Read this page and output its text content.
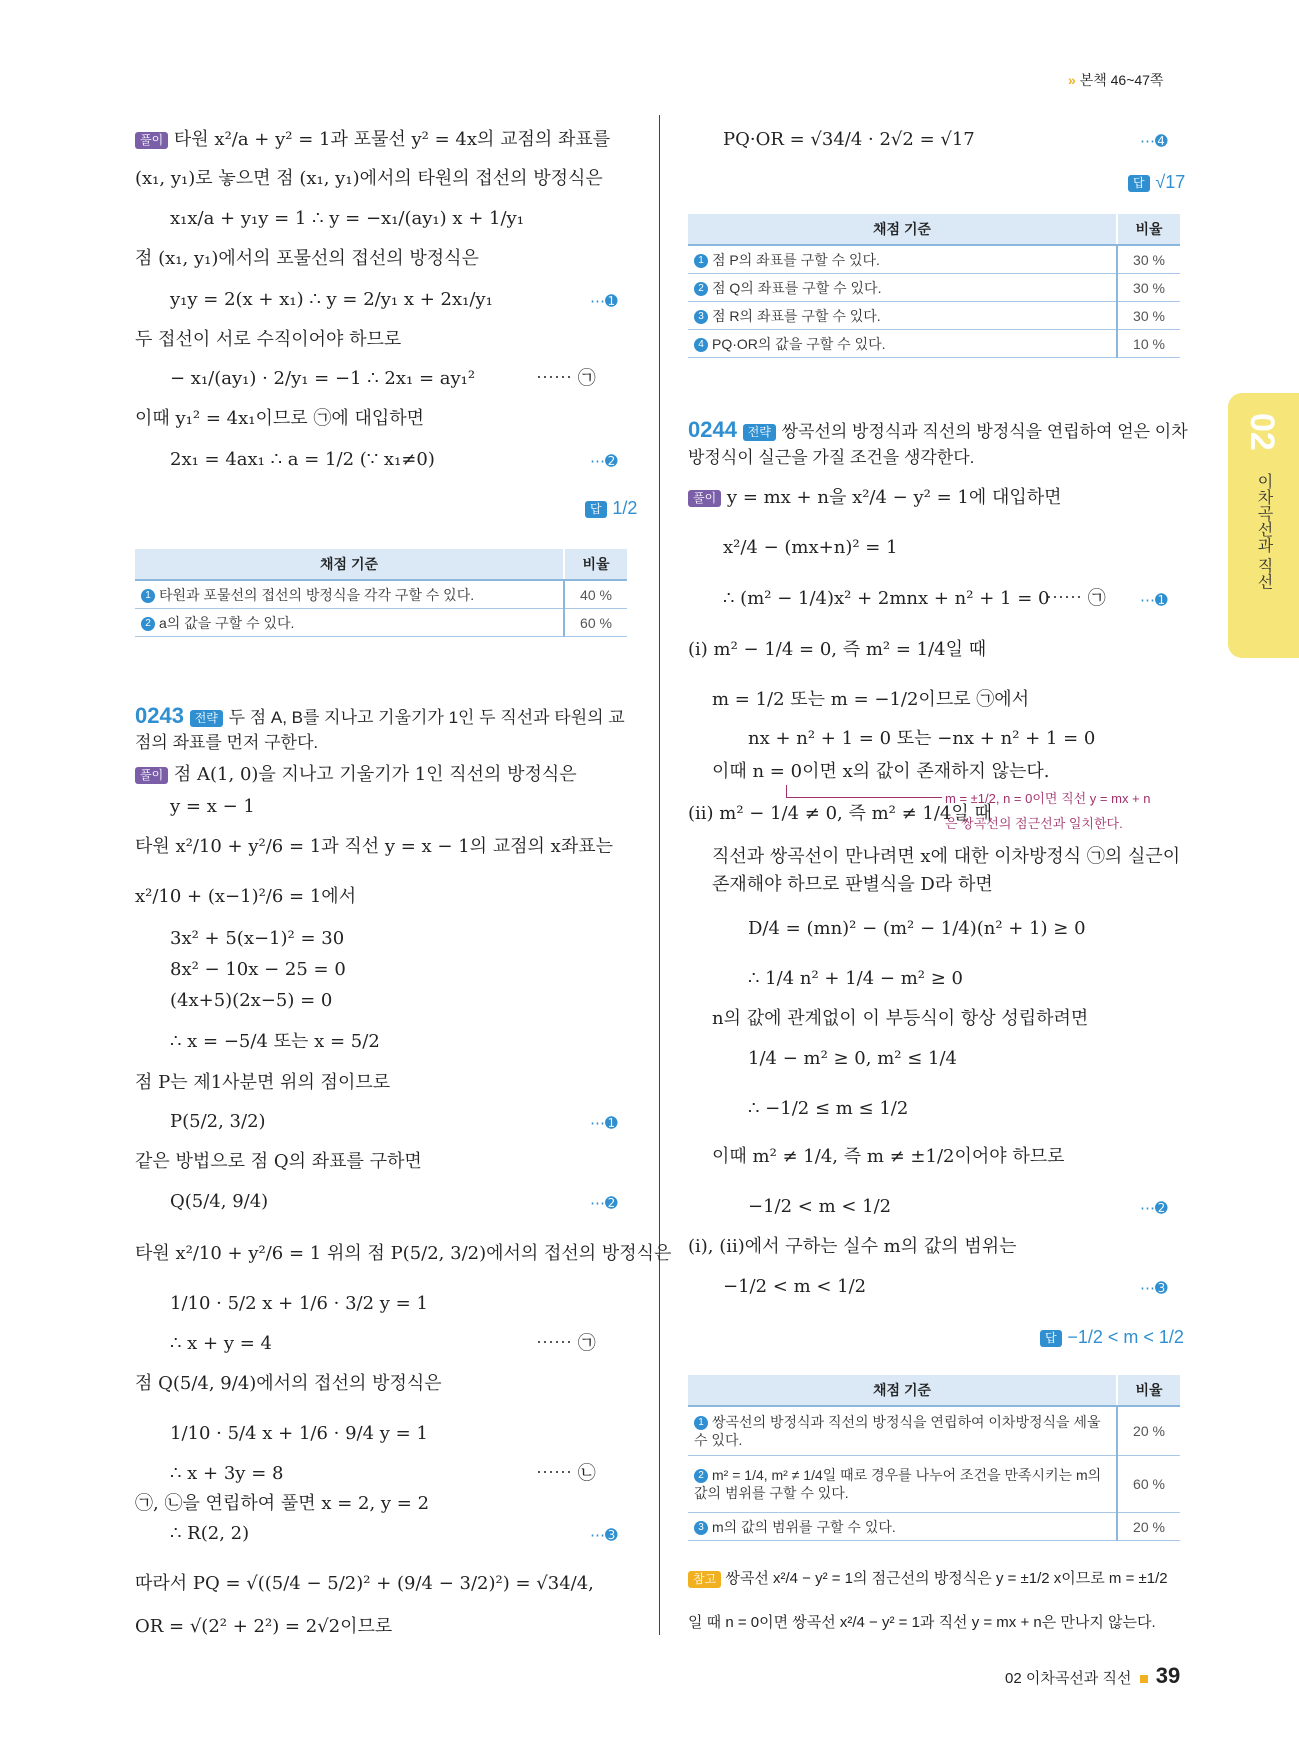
» 본책 46~47쪽
02
이차곡선과 직선
풀이 타원 x²/a + y² = 1과 포물선 y² = 4x의 교점의 좌표를
(x₁, y₁)로 놓으면 점 (x₁, y₁)에서의 타원의 접선의 방정식은
x₁x/a + y₁y = 1 ∴ y = −x₁/(ay₁) x + 1/y₁
점 (x₁, y₁)에서의 포물선의 접선의 방정식은
y₁y = 2(x + x₁) ∴ y = 2/y₁ x + 2x₁/y₁	⋯➊
두 접선이 서로 수직이어야 하므로
− x₁/(ay₁) · 2/y₁ = −1 ∴ 2x₁ = ay₁²	⋯⋯ ㉠
이때 y₁² = 4x₁이므로 ㉠에 대입하면
2x₁ = 4ax₁ ∴ a = 1/2 (∵ x₁≠0)	⋯➋
답 1/2
채점 기준	비율
1 타원과 포물선의 접선의 방정식을 각각 구할 수 있다.	40 %
2 a의 값을 구할 수 있다.	60 %
0243 전략 두 점 A, B를 지나고 기울기가 1인 두 직선과 타원의 교
점의 좌표를 먼저 구한다.
풀이 점 A(1, 0)을 지나고 기울기가 1인 직선의 방정식은
y = x − 1
타원 x²/10 + y²/6 = 1과 직선 y = x − 1의 교점의 x좌표는
x²/10 + (x−1)²/6 = 1에서
3x² + 5(x−1)² = 30
8x² − 10x − 25 = 0
(4x+5)(2x−5) = 0
∴ x = −5/4 또는 x = 5/2
점 P는 제1사분면 위의 점이므로
P(5/2, 3/2)	⋯➊
같은 방법으로 점 Q의 좌표를 구하면
Q(5/4, 9/4)	⋯➋
타원 x²/10 + y²/6 = 1 위의 점 P(5/2, 3/2)에서의 접선의 방정식은
1/10 · 5/2 x + 1/6 · 3/2 y = 1
∴ x + y = 4	⋯⋯ ㉠
점 Q(5/4, 9/4)에서의 접선의 방정식은
1/10 · 5/4 x + 1/6 · 9/4 y = 1
∴ x + 3y = 8	⋯⋯ ㉡
㉠, ㉡을 연립하여 풀면 x = 2, y = 2
∴ R(2, 2)	⋯➌
따라서 PQ = √((5/4 − 5/2)² + (9/4 − 3/2)²) = √34/4,
OR = √(2² + 2²) = 2√2이므로
PQ·OR = √34/4 · 2√2 = √17	⋯➍
답 √17
채점 기준	비율
1 점 P의 좌표를 구할 수 있다.	30 %
2 점 Q의 좌표를 구할 수 있다.	30 %
3 점 R의 좌표를 구할 수 있다.	30 %
4 PQ·OR의 값을 구할 수 있다.	10 %
0244 전략 쌍곡선의 방정식과 직선의 방정식을 연립하여 얻은 이차
방정식이 실근을 가질 조건을 생각한다.
풀이 y = mx + n을 x²/4 − y² = 1에 대입하면
x²/4 − (mx+n)² = 1
∴ (m² − 1/4)x² + 2mnx + n² + 1 = 0
⋯⋯ ㉠ ⋯➊
(i) m² − 1/4 = 0, 즉 m² = 1/4일 때
m = 1/2 또는 m = −1/2이므로 ㉠에서
nx + n² + 1 = 0 또는 −nx + n² + 1 = 0
이때 n = 0이면 x의 값이 존재하지 않는다.
m = ±1/2, n = 0이면 직선 y = mx + n
은 쌍곡선의 점근선과 일치한다.
(ii) m² − 1/4 ≠ 0, 즉 m² ≠ 1/4일 때
직선과 쌍곡선이 만나려면 x에 대한 이차방정식 ㉠의 실근이
존재해야 하므로 판별식을 D라 하면
D/4 = (mn)² − (m² − 1/4)(n² + 1) ≥ 0
∴ 1/4 n² + 1/4 − m² ≥ 0
n의 값에 관계없이 이 부등식이 항상 성립하려면
1/4 − m² ≥ 0, m² ≤ 1/4
∴ −1/2 ≤ m ≤ 1/2
이때 m² ≠ 1/4, 즉 m ≠ ±1/2이어야 하므로
−1/2 < m < 1/2	⋯➋
(i), (ii)에서 구하는 실수 m의 값의 범위는
−1/2 < m < 1/2	⋯➌
답 −1/2 < m < 1/2
채점 기준	비율
1 쌍곡선의 방정식과 직선의 방정식을 연립하여 이차방정식을 세울 수 있다.	20 %
2 m² = 1/4, m² ≠ 1/4일 때로 경우를 나누어 조건을 만족시키는 m의 값의 범위를 구할 수 있다.	60 %
3 m의 값의 범위를 구할 수 있다.	20 %
참고 쌍곡선 x²/4 − y² = 1의 점근선의 방정식은 y = ±1/2 x이므로 m = ±1/2
일 때 n = 0이면 쌍곡선 x²/4 − y² = 1과 직선 y = mx + n은 만나지 않는다.
02 이차곡선과 직선 39
